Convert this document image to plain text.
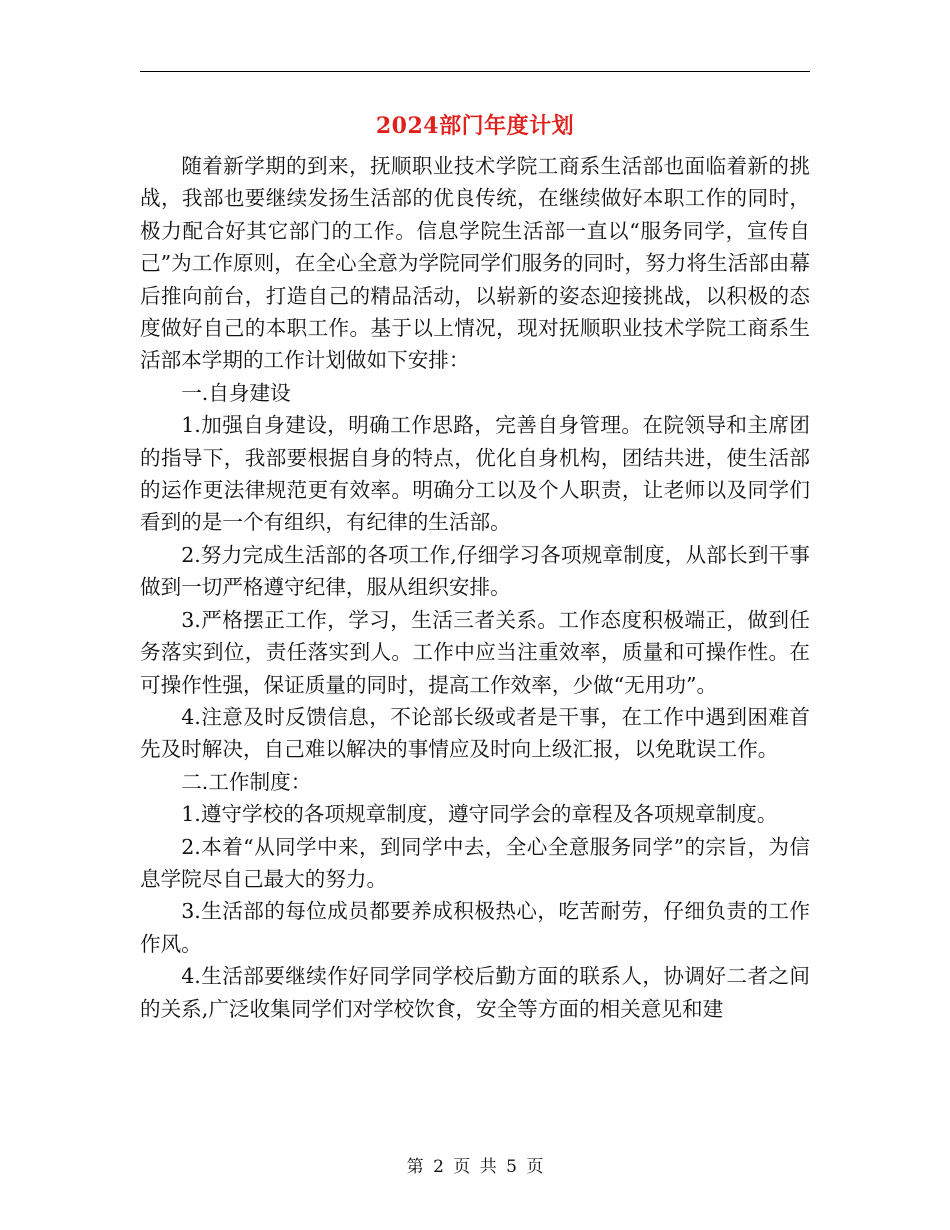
2024部门年度计划

随着新学期的到来，抚顺职业技术学院工商系生活部也面临着新的挑战，我部也要继续发扬生活部的优良传统，在继续做好本职工作的同时，极力配合好其它部门的工作。信息学院生活部一直以“服务同学，宣传自己”为工作原则，在全心全意为学院同学们服务的同时，努力将生活部由幕后推向前台，打造自己的精品活动，以崭新的姿态迎接挑战，以积极的态度做好自己的本职工作。基于以上情况，现对抚顺职业技术学院工商系生活部本学期的工作计划做如下安排：

一.自身建设

1.加强自身建设，明确工作思路，完善自身管理。在院领导和主席团的指导下，我部要根据自身的特点，优化自身机构，团结共进，使生活部的运作更法律规范更有效率。明确分工以及个人职责，让老师以及同学们看到的是一个有组织，有纪律的生活部。

2.努力完成生活部的各项工作,仔细学习各项规章制度，从部长到干事做到一切严格遵守纪律，服从组织安排。

3.严格摆正工作，学习，生活三者关系。工作态度积极端正，做到任务落实到位，责任落实到人。工作中应当注重效率，质量和可操作性。在可操作性强，保证质量的同时，提高工作效率，少做“无用功”。

4.注意及时反馈信息，不论部长级或者是干事，在工作中遇到困难首先及时解决，自己难以解决的事情应及时向上级汇报，以免耽误工作。

二.工作制度：

1.遵守学校的各项规章制度，遵守同学会的章程及各项规章制度。

2.本着“从同学中来，到同学中去，全心全意服务同学”的宗旨，为信息学院尽自己最大的努力。

3.生活部的每位成员都要养成积极热心，吃苦耐劳，仔细负责的工作作风。

4.生活部要继续作好同学同学校后勤方面的联系人，协调好二者之间的关系,广泛收集同学们对学校饮食，安全等方面的相关意见和建

第 2 页 共 5 页
